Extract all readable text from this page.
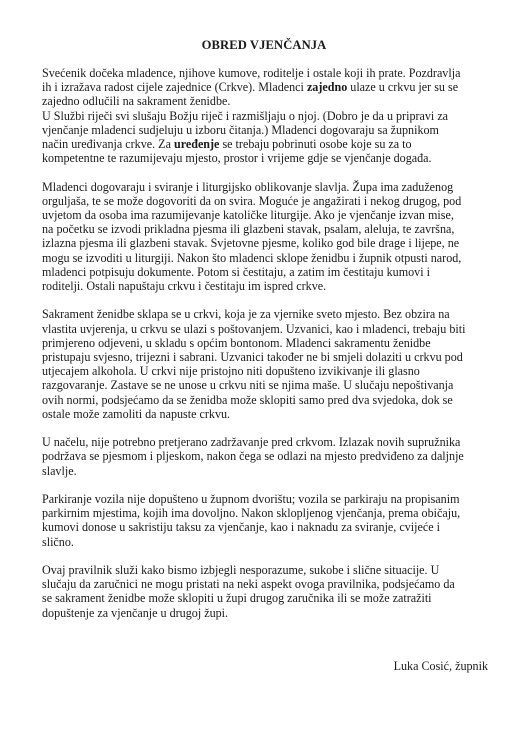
OBRED VJENČANJA
Svećenik dočeka mladence, njihove kumove, roditelje i ostale koji ih prate. Pozdravlja
ih i izražava radost cijele zajednice (Crkve). Mladenci zajedno ulaze u crkvu jer su se
zajedno odlučili na sakrament ženidbe.
U Službi riječi svi slušaju Božju riječ i razmišljaju o njoj. (Dobro je da u pripravi za
vjenčanje mladenci sudjeluju u izboru čitanja.) Mladenci dogovaraju sa župnikom
način uređivanja crkve. Za uređenje se trebaju pobrinuti osobe koje su za to
kompetentne te razumijevaju mjesto, prostor i vrijeme gdje se vjenčanje događa.
Mladenci dogovaraju i sviranje i liturgijsko oblikovanje slavlja. Župa ima zaduženog
orguljaša, te se može dogovoriti da on svira. Moguće je angažirati i nekog drugog, pod
uvjetom da osoba ima razumijevanje katoličke liturgije. Ako je vjenčanje izvan mise,
na početku se izvodi prikladna pjesma ili glazbeni stavak, psalam, aleluja, te završna,
izlazna pjesma ili glazbeni stavak. Svjetovne pjesme, koliko god bile drage i lijepe, ne
mogu se izvoditi u liturgiji. Nakon što mladenci sklope ženidbu i župnik otpusti narod,
mladenci potpisuju dokumente. Potom si čestitaju, a zatim im čestitaju kumovi i
roditelji. Ostali napuštaju crkvu i čestitaju im ispred crkve.
Sakrament ženidbe sklapa se u crkvi, koja je za vjernike sveto mjesto. Bez obzira na
vlastita uvjerenja, u crkvu se ulazi s poštovanjem. Uzvanici, kao i mladenci, trebaju biti
primjereno odjeveni, u skladu s općim bontonom. Mladenci sakramentu ženidbe
pristupaju svjesno, trijezni i sabrani. Uzvanici također ne bi smjeli dolaziti u crkvu pod
utjecajem alkohola. U crkvi nije pristojno niti dopušteno izvikivanje ili glasno
razgovaranje. Zastave se ne unose u crkvu niti se njima maše. U slučaju nepoštivanja
ovih normi, podsjećamo da se ženidba može sklopiti samo pred dva svjedoka, dok se
ostale može zamoliti da napuste crkvu.
U načelu, nije potrebno pretjerano zadržavanje pred crkvom. Izlazak novih supružnika
podržava se pjesmom i pljeskom, nakon čega se odlazi na mjesto predviđeno za daljnje
slavlje.
Parkiranje vozila nije dopušteno u župnom dvorištu; vozila se parkiraju na propisanim
parkirnim mjestima, kojih ima dovoljno. Nakon sklopljenog vjenčanja, prema običaju,
kumovi donose u sakristiju taksu za vjenčanje, kao i naknadu za sviranje, cvijeće i
slično.
Ovaj pravilnik služi kako bismo izbjegli nesporazume, sukobe i slične situacije. U
slučaju da zaručnici ne mogu pristati na neki aspekt ovoga pravilnika, podsjećamo da
se sakrament ženidbe može sklopiti u župi drugog zaručnika ili se može zatražiti
dopuštenje za vjenčanje u drugoj župi.
Luka Cosić, župnik
